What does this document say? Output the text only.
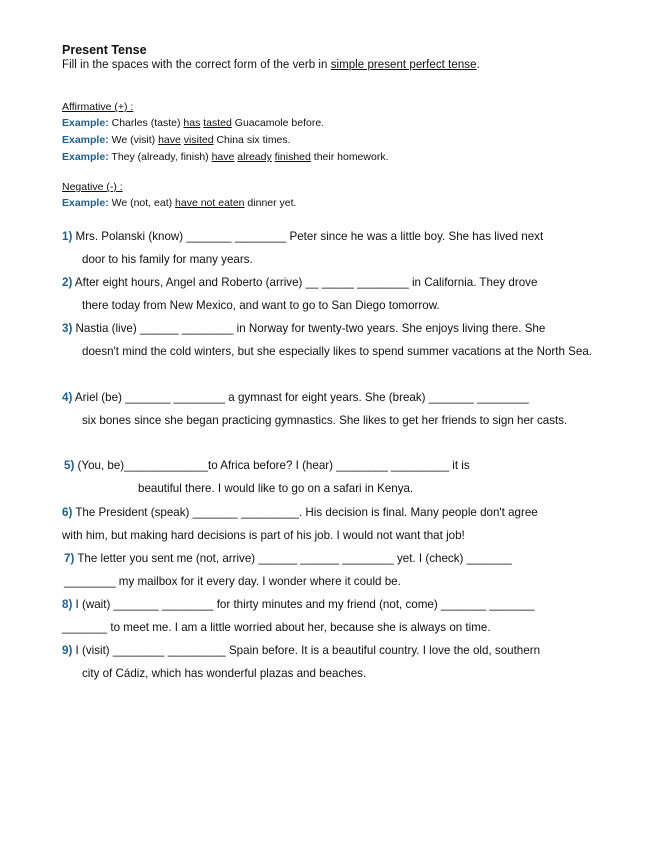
Present Tense
Fill in the spaces with the correct form of the verb in simple present perfect tense.
Affirmative (+) :
Example: Charles (taste) has tasted Guacamole before.
Example: We (visit) have visited China six times.
Example: They (already, finish) have already finished their homework.
Negative (-) :
Example: We (not, eat) have not eaten dinner yet.
1) Mrs. Polanski (know) _______ ________ Peter since he was a little boy. She has lived next
door to his family for many years.
2) After eight hours, Angel and Roberto (arrive) __ _____ ________ in California. They drove
there today from New Mexico, and want to go to San Diego tomorrow.
3) Nastia (live) ______ ________ in Norway for twenty-two years. She enjoys living there. She
doesn't mind the cold winters, but she especially likes to spend summer vacations at the North Sea.
4) Ariel (be) _______ ________ a gymnast for eight years. She (break) _______ ________
six bones since she began practicing gymnastics. She likes to get her friends to sign her casts.
5) (You, be)_____________to Africa before? I (hear) ________ _________ it is
beautiful there. I would like to go on a safari in Kenya.
6) The President (speak) _______ _________. His decision is final. Many people don't agree
with him, but making hard decisions is part of his job. I would not want that job!
7) The letter you sent me (not, arrive) ______ ______ ________ yet. I (check) _______
________ my mailbox for it every day. I wonder where it could be.
8) I (wait) _______ ________ for thirty minutes and my friend (not, come) _______ _______
_______ to meet me. I am a little worried about her, because she is always on time.
9) I (visit) ________ _________ Spain before. It is a beautiful country. I love the old, southern
city of Cádiz, which has wonderful plazas and beaches.
